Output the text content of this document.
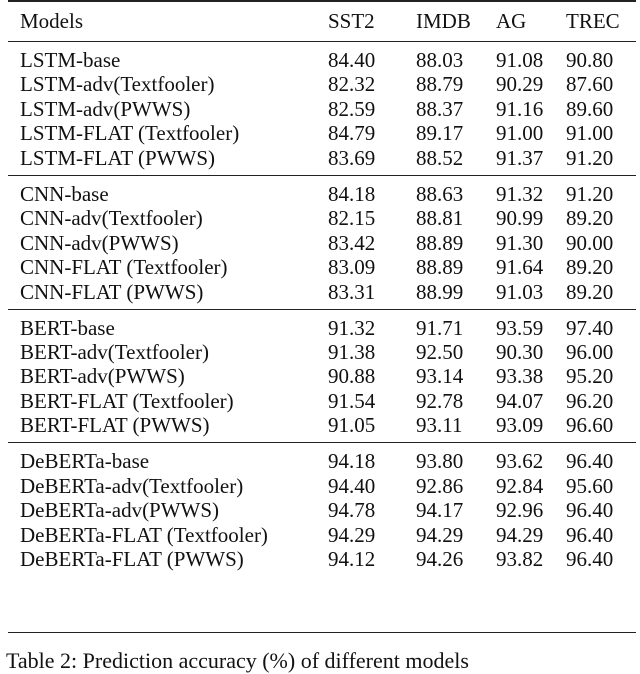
Models	SST2	IMDB	AG	TREC
LSTM-base	84.40	88.03	91.08	90.80
LSTM-adv(Textfooler)	82.32	88.79	90.29	87.60
LSTM-adv(PWWS)	82.59	88.37	91.16	89.60
LSTM-FLAT (Textfooler)	84.79	89.17	91.00	91.00
LSTM-FLAT (PWWS)	83.69	88.52	91.37	91.20
CNN-base	84.18	88.63	91.32	91.20
CNN-adv(Textfooler)	82.15	88.81	90.99	89.20
CNN-adv(PWWS)	83.42	88.89	91.30	90.00
CNN-FLAT (Textfooler)	83.09	88.89	91.64	89.20
CNN-FLAT (PWWS)	83.31	88.99	91.03	89.20
BERT-base	91.32	91.71	93.59	97.40
BERT-adv(Textfooler)	91.38	92.50	90.30	96.00
BERT-adv(PWWS)	90.88	93.14	93.38	95.20
BERT-FLAT (Textfooler)	91.54	92.78	94.07	96.20
BERT-FLAT (PWWS)	91.05	93.11	93.09	96.60
DeBERTa-base	94.18	93.80	93.62	96.40
DeBERTa-adv(Textfooler)	94.40	92.86	92.84	95.60
DeBERTa-adv(PWWS)	94.78	94.17	92.96	96.40
DeBERTa-FLAT (Textfooler)	94.29	94.29	94.29	96.40
DeBERTa-FLAT (PWWS)	94.12	94.26	93.82	96.40
Table 2: Prediction accuracy (%) of different models
